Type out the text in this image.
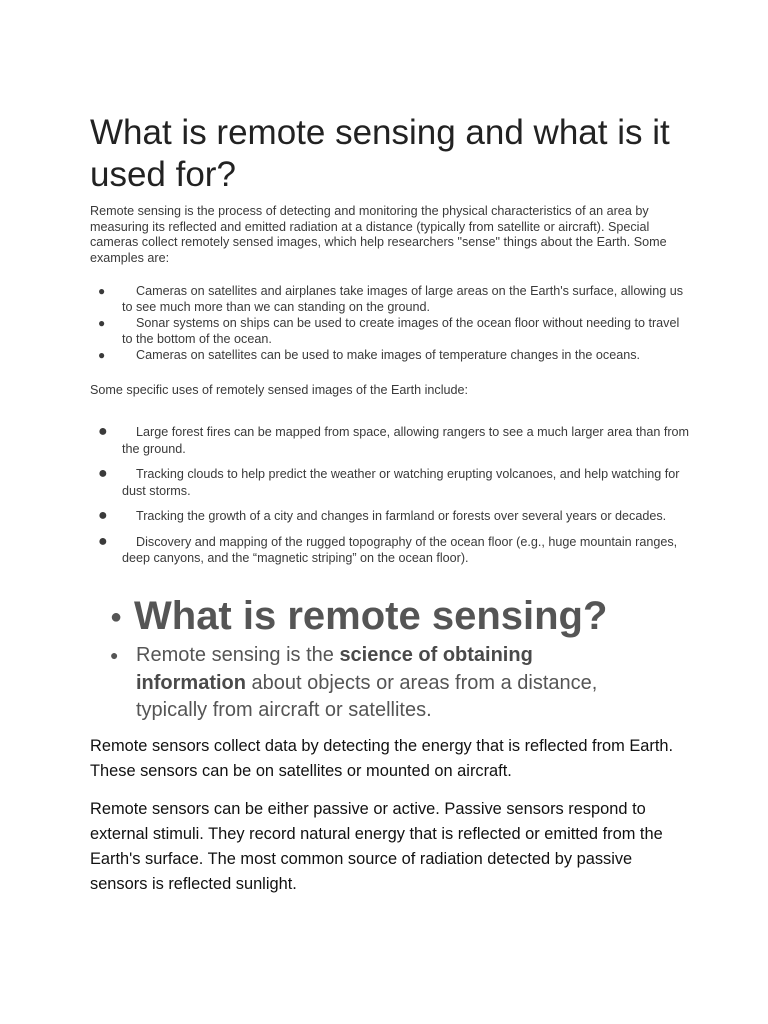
What is remote sensing and what is it used for?

Remote sensing is the process of detecting and monitoring the physical characteristics of an area by measuring its reflected and emitted radiation at a distance (typically from satellite or aircraft). Special cameras collect remotely sensed images, which help researchers "sense" things about the Earth. Some examples are:

●	Cameras on satellites and airplanes take images of large areas on the Earth's surface, allowing us to see much more than we can standing on the ground.
●	Sonar systems on ships can be used to create images of the ocean floor without needing to travel to the bottom of the ocean.
●	Cameras on satellites can be used to make images of temperature changes in the oceans.

Some specific uses of remotely sensed images of the Earth include:

●	Large forest fires can be mapped from space, allowing rangers to see a much larger area than from the ground.
●	Tracking clouds to help predict the weather or watching erupting volcanoes, and help watching for dust storms.
●	Tracking the growth of a city and changes in farmland or forests over several years or decades.
●	Discovery and mapping of the rugged topography of the ocean floor (e.g., huge mountain ranges, deep canyons, and the “magnetic striping” on the ocean floor).
● What is remote sensing?
● Remote sensing is the science of obtaining information about objects or areas from a distance, typically from aircraft or satellites.

Remote sensors collect data by detecting the energy that is reflected from Earth. These sensors can be on satellites or mounted on aircraft.

Remote sensors can be either passive or active. Passive sensors respond to external stimuli. They record natural energy that is reflected or emitted from the Earth's surface. The most common source of radiation detected by passive sensors is reflected sunlight.
